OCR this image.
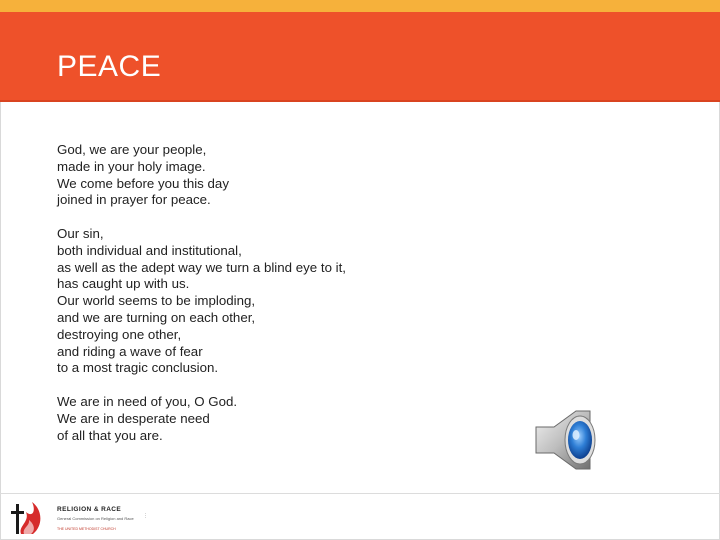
PEACE
God, we are your people,
made in your holy image.
We come before you this day
joined in prayer for peace.
Our sin,
both individual and institutional,
as well as the adept way we turn a blind eye to it,
has caught up with us.
Our world seems to be imploding,
and we are turning on each other,
destroying one other,
and riding a wave of fear
to a most tragic conclusion.
We are in need of you, O God.
We are in desperate need
of all that you are.
RELIGION & RACE
General Commission on Religion and Race
THE UNITED METHODIST CHURCH
⋮
